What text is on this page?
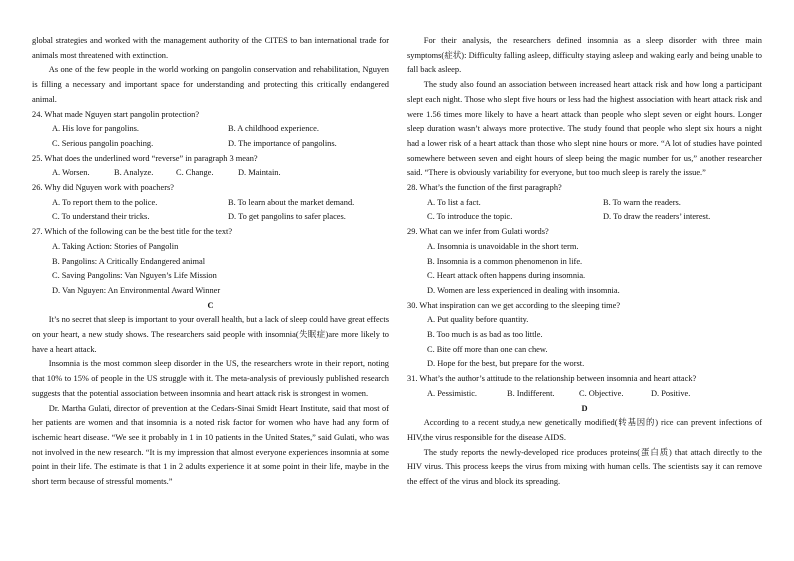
global strategies and worked with the management authority of the CITES to ban international trade for animals most threatened with extinction.

As one of the few people in the world working on pangolin conservation and rehabilitation, Nguyen is filling a necessary and important space for understanding and protecting this critically endangered animal.

24. What made Nguyen start pangolin protection?
A. His love for pangolins.	B. A childhood experience.
C. Serious pangolin poaching.	D. The importance of pangolins.
25. What does the underlined word “reverse” in paragraph 3 mean?
A. Worsen.	B. Analyze.	C. Change.	D. Maintain.
26. Why did Nguyen work with poachers?
A. To report them to the police.	B. To learn about the market demand.
C. To understand their tricks.	D. To get pangolins to safer places.
27. Which of the following can be the best title for the text?
A. Taking Action: Stories of Pangolin
B. Pangolins: A Critically Endangered animal
C. Saving Pangolins: Van Nguyen’s Life Mission
D. Van Nguyen: An Environmental Award Winner
C

It’s no secret that sleep is important to your overall health, but a lack of sleep could have great effects on your heart, a new study shows. The researchers said people with insomnia(失眠症)are more likely to have a heart attack.

Insomnia is the most common sleep disorder in the US, the researchers wrote in their report, noting that 10% to 15% of people in the US struggle with it. The meta-analysis of previously published research suggests that the potential association between insomnia and heart attack risk is strongest in women.

Dr. Martha Gulati, director of prevention at the Cedars-Sinai Smidt Heart Institute, said that most of her patients are women and that insomnia is a noted risk factor for women who have had any form of ischemic heart disease. “We see it probably in 1 in 10 patients in the United States,” said Gulati, who was not involved in the new research. “It is my impression that almost everyone experiences insomnia at some point in their life. The estimate is that 1 in 2 adults experience it at some point in their life, maybe in the short term because of stressful moments.”

For their analysis, the researchers defined insomnia as a sleep disorder with three main symptoms(症状): Difficulty falling asleep, difficulty staying asleep and waking early and being unable to fall back asleep.

The study also found an association between increased heart attack risk and how long a participant slept each night. Those who slept five hours or less had the highest association with heart attack risk and were 1.56 times more likely to have a heart attack than people who slept seven or eight hours. Longer sleep duration wasn’t always more protective. The study found that people who slept six hours a night had a lower risk of a heart attack than those who slept nine hours or more. “A lot of studies have pointed somewhere between seven and eight hours of sleep being the magic number for us,” another researcher said. “There is obviously variability for everyone, but too much sleep is rarely the issue.”

28. What’s the function of the first paragraph?
A. To list a fact.	B. To warn the readers.
C. To introduce the topic.	D. To draw the readers’ interest.
29. What can we infer from Gulati words?
A. Insomnia is unavoidable in the short term.
B. Insomnia is a common phenomenon in life.
C. Heart attack often happens during insomnia.
D. Women are less experienced in dealing with insomnia.
30. What inspiration can we get according to the sleeping time?
A. Put quality before quantity.
B. Too much is as bad as too little.
C. Bite off more than one can chew.
D. Hope for the best, but prepare for the worst.
31. What’s the author’s attitude to the relationship between insomnia and heart attack?
A. Pessimistic.	B. Indifferent.	C. Objective.	D. Positive.
D

According to a recent study,a new genetically modified(转基因的) rice can prevent infections of HIV,the virus responsible for the disease AIDS.

The study reports the newly-developed rice produces proteins(蛋白质) that attach directly to the HIV virus. This process keeps the virus from mixing with human cells. The scientists say it can remove the effect of the virus and block its spreading.
